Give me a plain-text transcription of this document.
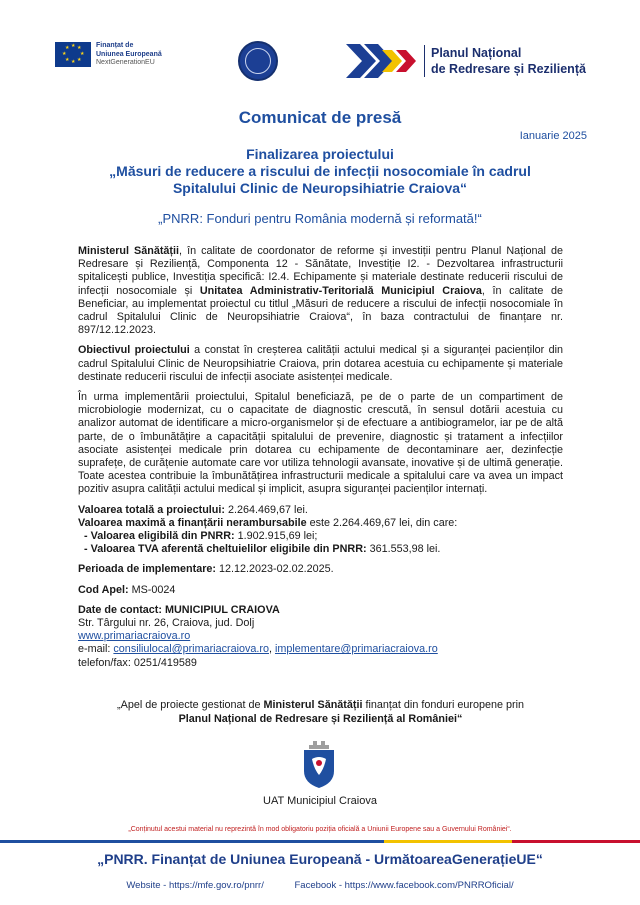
★ ★
★
★
★
★
★
★	Finanțat de
Uniunea Europeană
NextGenerationEU
Planul Național
de Redresare și Reziliență
Comunicat de presă
Ianuarie 2025
Finalizarea proiectului
„Măsuri de reducere a riscului de infecții nosocomiale în cadrul
Spitalului Clinic de Neuropsihiatrie Craiova“
„PNRR: Fonduri pentru România modernă și reformată!“

Ministerul Sănătății, în calitate de coordonator de reforme și investiții pentru Planul Național de Redresare și Reziliență, Componenta 12 - Sănătate, Investiție I2. - Dezvoltarea infrastructurii spitalicești publice, Investiția specifică: I2.4. Echipamente și materiale destinate reducerii riscului de infecții nosocomiale și Unitatea Administrativ-Teritorială Municipiul Craiova, în calitate de Beneficiar, au implementat proiectul cu titlul „Măsuri de reducere a riscului de infecții nosocomiale în cadrul Spitalului Clinic de Neuropsihiatrie Craiova“, în baza contractului de finanțare nr. 897/12.12.2023.

Obiectivul proiectului a constat în creșterea calității actului medical și a siguranței pacienților din cadrul Spitalului Clinic de Neuropsihiatrie Craiova, prin dotarea acestuia cu echipamente și materiale destinate reducerii riscului de infecții asociate asistenței medicale.

În urma implementării proiectului, Spitalul beneficiază, pe de o parte de un compartiment de microbiologie modernizat, cu o capacitate de diagnostic crescută, în sensul dotării acestuia cu analizor automat de identificare a micro-organismelor și de efectuare a antibiogramelor, iar pe de altă parte, de o îmbunătățire a capacității spitalului de prevenire, diagnostic și tratament a infecțiilor asociate asistenței medicale prin dotarea cu echipamente de decontaminare aer, dezinfecție suprafețe, de curățenie automate care vor utiliza tehnologii avansate, inovative și de ultimă generație. Toate acestea contribuie la îmbunătățirea infrastructurii medicale a spitalului care va avea un impact pozitiv asupra calității actului medical și implicit, asupra siguranței pacienților internați.

Valoarea totală a proiectului: 2.264.469,67 lei.
Valoarea maximă a finanțării nerambursabile este 2.264.469,67 lei, din care:
- Valoarea eligibilă din PNRR: 1.902.915,69 lei;
- Valoarea TVA aferentă cheltuielilor eligibile din PNRR: 361.553,98 lei.
Perioada de implementare: 12.12.2023-02.02.2025.
Cod Apel: MS-0024
Date de contact: MUNICIPIUL CRAIOVA
Str. Târgului nr. 26, Craiova, jud. Dolj
www.primariacraiova.ro
e-mail: consiliulocal@primariacraiova.ro, implementare@primariacraiova.ro
telefon/fax: 0251/419589
„Apel de proiecte gestionat de Ministerul Sănătății finanțat din fonduri europene prin
Planul Național de Redresare și Reziliență al României“
UAT Municipiul Craiova
„Conținutul acestui material nu reprezintă în mod obligatoriu poziția oficială a Uniunii Europene sau a Guvernului României“.
„PNRR. Finanțat de Uniunea Europeană - UrmătoareaGenerațieUE“
Website - https://mfe.gov.ro/pnrr/	Facebook - https://www.facebook.com/PNRROficial/
